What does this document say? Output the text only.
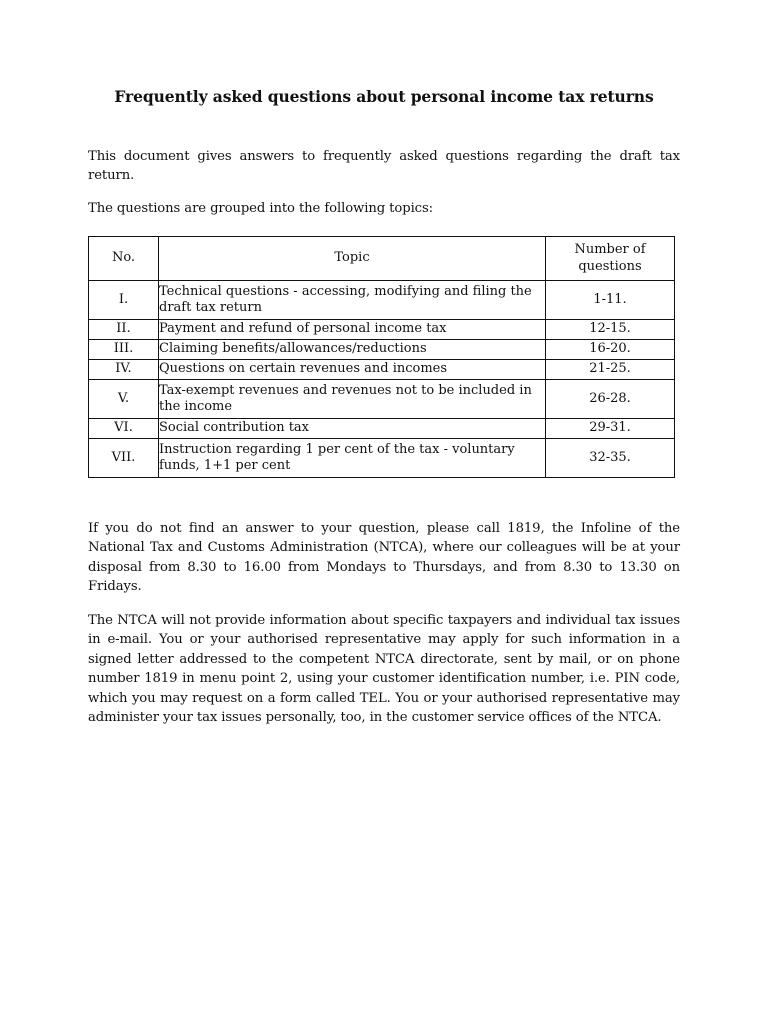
Frequently asked questions about personal income tax returns
This document gives answers to frequently asked questions regarding the draft tax return.
The questions are grouped into the following topics:
No.	Topic	Number of
questions
I.	Technical questions - accessing, modifying and filing the draft tax return	1-11.
II.	Payment and refund of personal income tax	12-15.
III.	Claiming benefits/allowances/reductions	16-20.
IV.	Questions on certain revenues and incomes	21-25.
V.	Tax-exempt revenues and revenues not to be included in the income	26-28.
VI.	Social contribution tax	29-31.
VII.	Instruction regarding 1 per cent of the tax - voluntary funds, 1+1 per cent	32-35.
If you do not find an answer to your question, please call 1819, the Infoline of the National Tax and Customs Administration (NTCA), where our colleagues will be at your disposal from 8.30 to 16.00 from Mondays to Thursdays, and from 8.30 to 13.30 on Fridays.
The NTCA will not provide information about specific taxpayers and individual tax issues in e-mail. You or your authorised representative may apply for such information in a signed letter addressed to the competent NTCA directorate, sent by mail, or on phone number 1819 in menu point 2, using your customer identification number, i.e. PIN code, which you may request on a form called TEL. You or your authorised representative may administer your tax issues personally, too, in the customer service offices of the NTCA.
